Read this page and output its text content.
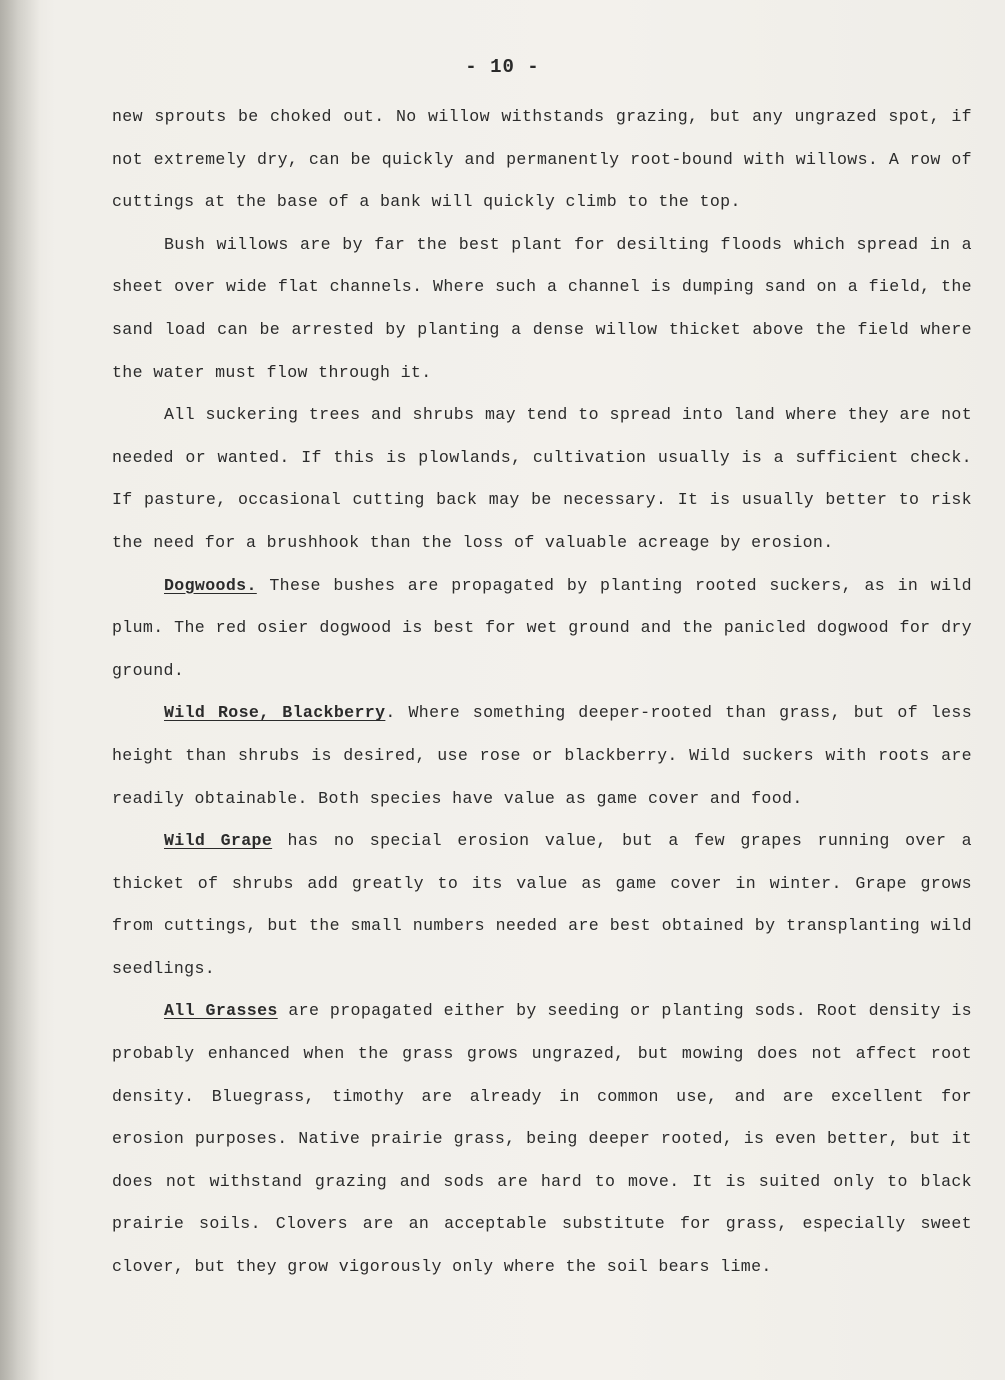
- 10 -

new sprouts be choked out. No willow withstands grazing, but any ungrazed spot, if not extremely dry, can be quickly and permanently root-bound with willows. A row of cuttings at the base of a bank will quickly climb to the top.

Bush willows are by far the best plant for desilting floods which spread in a sheet over wide flat channels. Where such a channel is dumping sand on a field, the sand load can be arrested by planting a dense willow thicket above the field where the water must flow through it.

All suckering trees and shrubs may tend to spread into land where they are not needed or wanted. If this is plowlands, cultivation usually is a sufficient check. If pasture, occasional cutting back may be necessary. It is usually better to risk the need for a brushhook than the loss of valuable acreage by erosion.

Dogwoods. These bushes are propagated by planting rooted suckers, as in wild plum. The red osier dogwood is best for wet ground and the panicled dogwood for dry ground.

Wild Rose, Blackberry. Where something deeper-rooted than grass, but of less height than shrubs is desired, use rose or blackberry. Wild suckers with roots are readily obtainable. Both species have value as game cover and food.

Wild Grape has no special erosion value, but a few grapes running over a thicket of shrubs add greatly to its value as game cover in winter. Grape grows from cuttings, but the small numbers needed are best obtained by transplanting wild seedlings.

All Grasses are propagated either by seeding or planting sods. Root density is probably enhanced when the grass grows ungrazed, but mowing does not affect root density. Bluegrass, timothy are already in common use, and are excellent for erosion purposes. Native prairie grass, being deeper rooted, is even better, but it does not withstand grazing and sods are hard to move. It is suited only to black prairie soils. Clovers are an acceptable substitute for grass, especially sweet clover, but they grow vigorously only where the soil bears lime.
